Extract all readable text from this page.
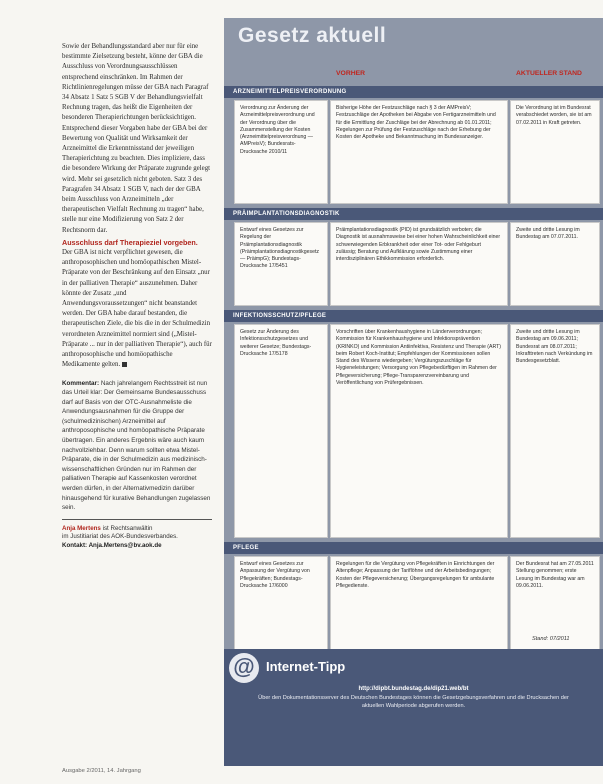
Sowie der Behandlungsstandard aber nur für eine bestimmte Zielsetzung besteht, könne der GBA die Ausschluss von Verordnungsausschlüssen entsprechend einschränken. Im Rahmen der Richtlinienregelungen müsse der GBA nach Paragraf 34 Absatz 1 Satz 5 SGB V der Behandlungsvielfalt Rechnung tragen, das heißt die Eigenheiten der besonderen Therapierichtungen berücksichtigen. Entsprechend dieser Vorgaben habe der GBA bei der Bewertung von Qualität und Wirksamkeit der Arzneimittel die Erkenntnisstand der jeweiligen Therapierichtung zu beachten. Dies impliziere, dass die besondere Wirkung der Präparate zugrunde gelegt wird. Mehr sei gesetzlich nicht geboten. Satz 3 des Paragrafen 34 Absatz 1 SGB V, nach der der GBA beim Ausschluss von Arzneimitteln „der therapeutischen Vielfalt Rechnung zu tragen“ habe, stelle nur eine Modifizierung von Satz 2 der Rechtsnorm dar.

Ausschluss darf Therapieziel vorgeben.

Der GBA ist nicht verpflichtet gewesen, die anthroposophischen und homöopathischen Mistel-Präparate von der Beschränkung auf den Einsatz „nur in der palliativen Therapie“ auszunehmen. Daher könnte der Zusatz „und Anwendungsvoraussetzungen“ nicht beanstandet werden. Der GBA habe darauf bestanden, die therapeutischen Ziele, die bis die in der Schulmedizin verordneten Arzneimittel normiert sind („Mistel-Präparate ... nur in der palliativen Therapie“), auch für anthroposophische und homöopathische Medikamente gelten.

Kommentar: Nach jahrelangem Rechtsstreit ist nun das Urteil klar: Der Gemeinsame Bundesausschuss darf auf Basis von der OTC-Ausnahmeliste die Anwendungsausnahmen für die Gruppe der (schulmedizinischen) Arzneimittel auf anthroposophische und homöopathische Präparate übertragen. Ein anderes Ergebnis wäre auch kaum nachvollziehbar. Denn warum sollten etwa Mistel-Präparate, die in der Schulmedizin aus medizinisch-wissenschaftlichen Gründen nur im Rahmen der palliativen Therapie auf Kassenkosten verordnet werden dürfen, in der Alternativmedizin darüber hinausgehend für kurative Behandlungen zugelassen sein.

Anja Mertens ist Rechtsanwältin
im Justitiariat des AOK-Bundesverbandes.
Kontakt: Anja.Mertens@bv.aok.de
Ausgabe 2/2011, 14. Jahrgang
Gesetz aktuell
VORHER	AKTUELLER STAND
ARZNEIMITTELPREISVERORDNUNG
Verordnung zur Änderung der Arzneimittelpreisverordnung und der Verordnung über die Zusammenstellung der Kosten (Arzneimittelpreisverordnung — AMPreisV); Bundesrats-Drucksache 2010/11
Bisherige Höhe der Festzuschläge nach § 3 der AMPreisV; Festzuschläge der Apotheken bei Abgabe von Fertigarzneimitteln und für die Ermittlung der Zuschläge bei der Abrechnung ab 01.01.2011; Regelungen zur Prüfung der Festzuschläge nach der Erhebung der Kosten der Apotheke und Bekanntmachung im Bundesanzeiger.
Die Verordnung ist im Bundesrat verabschiedet worden, sie ist am 07.02.2011 in Kraft getreten.
PRÄIMPLANTATIONSDIAGNOSTIK
Entwurf eines Gesetzes zur Regelung der Präimplantationsdiagnostik (Präimplantationsdiagnostikgesetz — PräimpG); Bundestags-Drucksache 17/5451
Präimplantationsdiagnostik (PID) ist grundsätzlich verboten; die Diagnostik ist ausnahmsweise bei einer hohen Wahrscheinlichkeit einer schwerwiegenden Erbkrankheit oder einer Tot- oder Fehlgeburt zulässig; Beratung und Aufklärung sowie Zustimmung einer interdisziplinären Ethikkommission erforderlich.
Zweite und dritte Lesung im Bundestag am 07.07.2011.
INFEKTIONSSCHUTZ/PFLEGE
Gesetz zur Änderung des Infektionsschutzgesetzes und weiterer Gesetze; Bundestags-Drucksache 17/5178
Vorschriften über Krankenhaushygiene in Länderverordnungen; Kommission für Krankenhaushygiene und Infektionsprävention (KRINKO) und Kommission Antiinfektiva, Resistenz und Therapie (ART) beim Robert Koch-Institut; Empfehlungen der Kommissionen sollen Stand des Wissens wiedergeben; Vergütungszuschläge für Hygieneleistungen; Versorgung von Pflegebedürftigen im Rahmen der Pflegeversicherung; Pflege-Transparenzvereinbarung und Veröffentlichung von Prüfergebnissen.
Zweite und dritte Lesung im Bundestag am 09.06.2011; Bundesrat am 08.07.2011; Inkrafttreten nach Verkündung im Bundesgesetzblatt.
PFLEGE
Entwurf eines Gesetzes zur Anpassung der Vergütung von Pflegekräften; Bundestags-Drucksache 17/6000
Regelungen für die Vergütung von Pflegekräften in Einrichtungen der Altenpflege; Anpassung der Tariflöhne und der Arbeitsbedingungen; Kosten der Pflegeversicherung; Übergangsregelungen für ambulante Pflegedienste.
Der Bundesrat hat am 27.05.2011 Stellung genommen; erste Lesung im Bundestag war am 09.06.2011.
Stand: 07/2011
@ Internet-Tipp
http://dipbt.bundestag.de/dip21.web/bt
Über den Dokumentationsserver des Deutschen Bundestages können die Gesetzgebungsverfahren und die Drucksachen der aktuellen Wahlperiode abgerufen werden.
